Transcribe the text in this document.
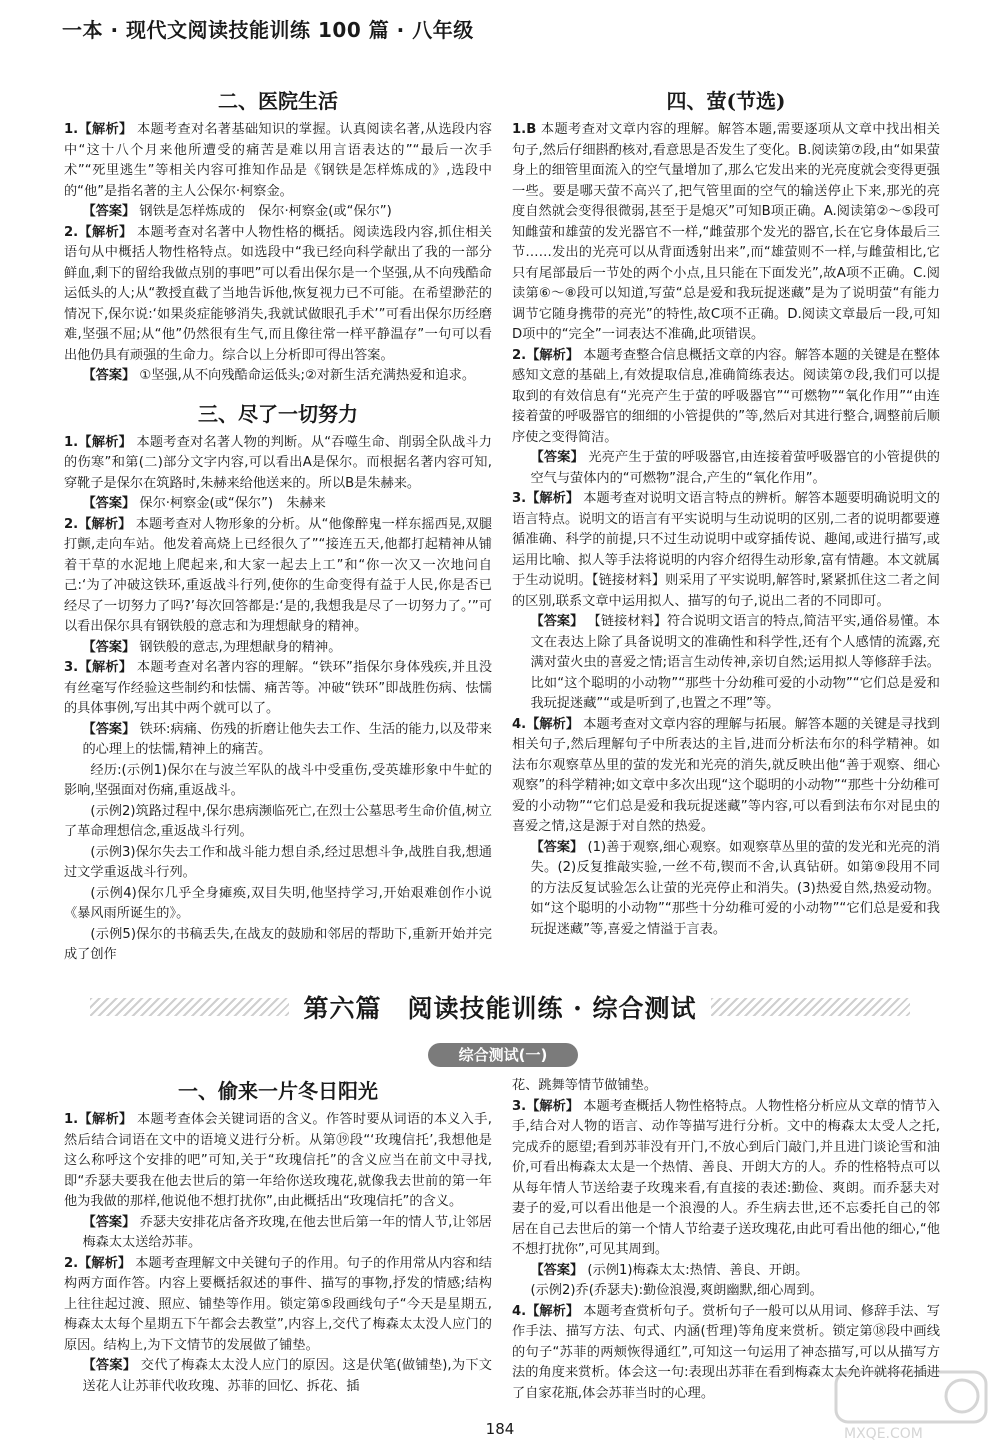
一本 · 现代文阅读技能训练 100 篇 · 八年级
二、医院生活

1.【解析】 本题考查对名著基础知识的掌握。认真阅读名著,从选段内容中“这十八个月来他所遭受的痛苦是难以用言语表达的”“最后一次手术”“死里逃生”等相关内容可推知作品是《钢铁是怎样炼成的》,选段中的“他”是指名著的主人公保尔·柯察金。

【答案】 钢铁是怎样炼成的　保尔·柯察金(或“保尔”)

2.【解析】 本题考查对名著中人物性格的概括。阅读选段内容,抓住相关语句从中概括人物性格特点。如选段中“我已经向科学献出了我的一部分鲜血,剩下的留给我做点别的事吧”可以看出保尔是一个坚强,从不向残酷命运低头的人;从“教授直截了当地告诉他,恢复视力已不可能。在希望渺茫的情况下,保尔说:‘如果炎症能够消失,我就试做眼孔手术’”可看出保尔历经磨难,坚强不屈;从“他”仍然很有生气,而且像往常一样平静温存”一句可以看出他仍具有顽强的生命力。综合以上分析即可得出答案。

【答案】 ①坚强,从不向残酷命运低头;②对新生活充满热爱和追求。

三、尽了一切努力

1.【解析】 本题考查对名著人物的判断。从“吞噬生命、削弱全队战斗力的伤寒”和第(二)部分文字内容,可以看出A是保尔。而根据名著内容可知,穿靴子是保尔在筑路时,朱赫来给他送来的。所以B是朱赫来。

【答案】 保尔·柯察金(或“保尔”)　朱赫来

2.【解析】 本题考查对人物形象的分析。从“他像醉鬼一样东摇西晃,双腿打颤,走向车站。他发着高烧上已经很久了”“接连五天,他都打起精神从铺着干草的水泥地上爬起来,和大家一起去上工”和“你一次又一次地问自己:‘为了冲破这铁环,重返战斗行列,使你的生命变得有益于人民,你是否已经尽了一切努力了吗?’每次回答都是:‘是的,我想我是尽了一切努力了。’”可以看出保尔具有钢铁般的意志和为理想献身的精神。

【答案】 钢铁般的意志,为理想献身的精神。

3.【解析】 本题考查对名著内容的理解。“铁环”指保尔身体残疾,并且没有丝毫写作经验这些制约和怯懦、痛苦等。冲破“铁环”即战胜伤病、怯懦的具体事例,写出其中两个就可以了。

【答案】 铁环:病痛、伤残的折磨让他失去工作、生活的能力,以及带来的心理上的怯懦,精神上的痛苦。

经历:(示例1)保尔在与波兰军队的战斗中受重伤,受英雄形象中牛虻的影响,坚强面对伤痛,重返战斗。

(示例2)筑路过程中,保尔患病濒临死亡,在烈士公墓思考生命价值,树立了革命理想信念,重返战斗行列。

(示例3)保尔失去工作和战斗能力想自杀,经过思想斗争,战胜自我,想通过文学重返战斗行列。

(示例4)保尔几乎全身瘫痪,双目失明,他坚持学习,开始艰难创作小说《暴风雨所诞生的》。

(示例5)保尔的书稿丢失,在战友的鼓励和邻居的帮助下,重新开始并完成了创作

四、萤(节选)

1.B 本题考查对文章内容的理解。解答本题,需要逐项从文章中找出相关句子,然后仔细斟酌核对,看意思是否发生了变化。B.阅读第⑦段,由“如果萤身上的细管里面流入的空气量增加了,那么它发出来的光亮度就会变得更强一些。要是哪天萤不高兴了,把气管里面的空气的输送停止下来,那光的亮度自然就会变得很微弱,甚至于是熄灭”可知B项正确。A.阅读第②～⑤段可知雌萤和雄萤的发光器官不一样,“雌萤那个发光的器官,长在它身体最后三节……发出的光亮可以从背面透射出来”,而“雄萤则不一样,与雌萤相比,它只有尾部最后一节处的两个小点,且只能在下面发光”,故A项不正确。C.阅读第⑥～⑧段可以知道,写萤“总是爱和我玩捉迷藏”是为了说明萤“有能力调节它随身携带的亮光”的特性,故C项不正确。D.阅读文章最后一段,可知D项中的“完全”一词表达不准确,此项错误。

2.【解析】 本题考查整合信息概括文章的内容。解答本题的关键是在整体感知文意的基础上,有效提取信息,准确简练表达。阅读第⑦段,我们可以提取到的有效信息有“光亮产生于萤的呼吸器官”“可燃物”“氧化作用”“由连接着萤的呼吸器官的细细的小管提供的”等,然后对其进行整合,调整前后顺序使之变得简洁。

【答案】 光亮产生于萤的呼吸器官,由连接着萤呼吸器官的小管提供的空气与萤体内的“可燃物”混合,产生的“氧化作用”。

3.【解析】 本题考查对说明文语言特点的辨析。解答本题要明确说明文的语言特点。说明文的语言有平实说明与生动说明的区别,二者的说明都要遵循准确、科学的前提,只不过生动说明中或穿插传说、趣闻,或进行描写,或运用比喻、拟人等手法将说明的内容介绍得生动形象,富有情趣。本文就属于生动说明。【链接材料】则采用了平实说明,解答时,紧紧抓住这二者之间的区别,联系文章中运用拟人、描写的句子,说出二者的不同即可。

【答案】 【链接材料】符合说明文语言的特点,简洁平实,通俗易懂。本文在表达上除了具备说明文的准确性和科学性,还有个人感情的流露,充满对萤火虫的喜爱之情;语言生动传神,亲切自然;运用拟人等修辞手法。比如“这个聪明的小动物”“那些十分幼稚可爱的小动物”“它们总是爱和我玩捉迷藏”“或是听到了,也置之不理”等。

4.【解析】 本题考查对文章内容的理解与拓展。解答本题的关键是寻找到相关句子,然后理解句子中所表达的主旨,进而分析法布尔的科学精神。如法布尔观察草丛里的萤的发光和光亮的消失,就反映出他“善于观察、细心观察”的科学精神;如文章中多次出现“这个聪明的小动物”“那些十分幼稚可爱的小动物”“它们总是爱和我玩捉迷藏”等内容,可以看到法布尔对昆虫的喜爱之情,这是源于对自然的热爱。

【答案】 (1)善于观察,细心观察。如观察草丛里的萤的发光和光亮的消失。(2)反复推敲实验,一丝不苟,锲而不舍,认真钻研。如第⑨段用不同的方法反复试验怎么让萤的光亮停止和消失。(3)热爱自然,热爱动物。如“这个聪明的小动物”“那些十分幼稚可爱的小动物”“它们总是爱和我玩捉迷藏”等,喜爱之情溢于言表。

第六篇　阅读技能训练 · 综合测试
综合测试(一)
一、偷来一片冬日阳光

1.【解析】 本题考查体会关键词语的含义。作答时要从词语的本义入手,然后结合词语在文中的语境义进行分析。从第⑲段“‘玫瑰信托’,我想他是这么称呼这个安排的吧”可知,关于“玫瑰信托”的含义应当在前文中寻找,即“乔瑟夫要我在他去世后的第一年给你送玫瑰花,就像我去世前的第一年他为我做的那样,他说他不想打扰你”,由此概括出“玫瑰信托”的含义。

【答案】 乔瑟夫安排花店备齐玫瑰,在他去世后第一年的情人节,让邻居梅森太太送给苏菲。

2.【解析】 本题考查理解文中关键句子的作用。句子的作用常从内容和结构两方面作答。内容上要概括叙述的事件、描写的事物,抒发的情感;结构上往往起过渡、照应、铺垫等作用。锁定第⑤段画线句子“今天是星期五,梅森太太每个星期五下午都会去教堂”,内容上,交代了梅森太太没人应门的原因。结构上,为下文情节的发展做了铺垫。

【答案】 交代了梅森太太没人应门的原因。这是伏笔(做铺垫),为下文送花人让苏菲代收玫瑰、苏菲的回忆、拆花、插

花、跳舞等情节做铺垫。

3.【解析】 本题考查概括人物性格特点。人物性格分析应从文章的情节入手,结合对人物的语言、动作等描写进行分析。文中的梅森太太受人之托,完成乔的愿望;看到苏菲没有开门,不放心到后门敲门,并且进门谈论雪和油价,可看出梅森太太是一个热情、善良、开朗大方的人。乔的性格特点可以从每年情人节送给妻子玫瑰来看,有直接的表述:勤俭、爽朗。而乔瑟夫对妻子的爱,可以看出他是一个浪漫的人。乔生病去世,还不忘委托自己的邻居在自己去世后的第一个情人节给妻子送玫瑰花,由此可看出他的细心,“他不想打扰你”,可见其周到。

【答案】 (示例1)梅森太太:热情、善良、开朗。

(示例2)乔(乔瑟夫):勤俭浪漫,爽朗幽默,细心周到。

4.【解析】 本题考查赏析句子。赏析句子一般可以从用词、修辞手法、写作手法、描写方法、句式、内涵(哲理)等角度来赏析。锁定第⑱段中画线的句子“苏菲的两颊恢得通红”,可知这一句运用了神态描写,可以从描写方法的角度来赏析。体会这一句:表现出苏菲在看到梅森太太允许就将花插进了自家花瓶,体会苏菲当时的心理。

184	MXQE.COM
